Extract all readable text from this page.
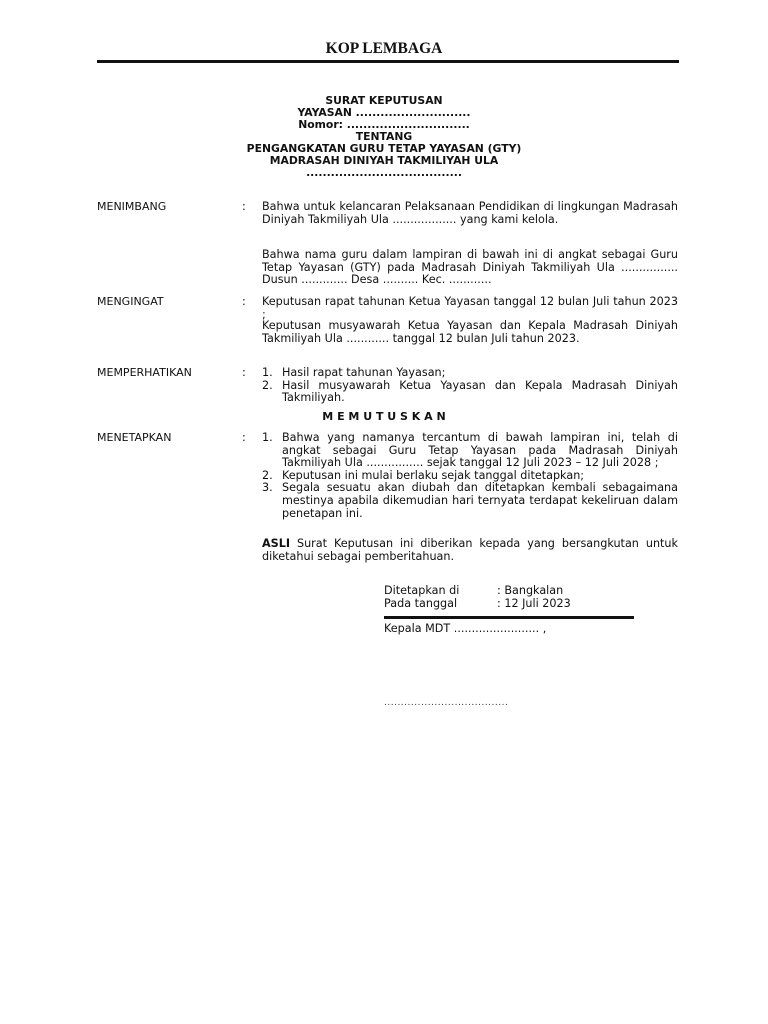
KOP LEMBAGA
SURAT KEPUTUSAN
YAYASAN ............................
Nomor: ..............................
TENTANG
PENGANGKATAN GURU TETAP YAYASAN (GTY)
MADRASAH DINIYAH TAKMILIYAH ULA
......................................
MENIMBANG	: Bahwa untuk kelancaran Pelaksanaan Pendidikan di lingkungan Madrasah Diniyah Takmiliyah Ula .................. yang kami kelola.
Bahwa nama guru dalam lampiran di bawah ini di angkat sebagai Guru Tetap Yayasan (GTY) pada Madrasah Diniyah Takmiliyah Ula ................ Dusun ............. Desa .......... Kec. ............
MENGINGAT	: Keputusan rapat tahunan Ketua Yayasan tanggal 12 bulan Juli tahun 2023 ;
Keputusan musyawarah Ketua Yayasan dan Kepala Madrasah Diniyah Takmiliyah Ula ............ tanggal 12 bulan Juli tahun 2023.
MEMPERHATIKAN	: 1. Hasil rapat tahunan Yayasan;
2. Hasil musyawarah Ketua Yayasan dan Kepala Madrasah Diniyah Takmiliyah.
M E M U T U S K A N
MENETAPKAN	: 1. Bahwa yang namanya tercantum di bawah lampiran ini, telah di angkat sebagai Guru Tetap Yayasan pada Madrasah Diniyah Takmiliyah Ula ................ sejak tanggal 12 Juli 2023 – 12 Juli 2028 ;
2. Keputusan ini mulai berlaku sejak tanggal ditetapkan;
3. Segala sesuatu akan diubah dan ditetapkan kembali sebagaimana mestinya apabila dikemudian hari ternyata terdapat kekeliruan dalam penetapan ini.
ASLI Surat Keputusan ini diberikan kepada yang bersangkutan untuk diketahui sebagai pemberitahuan.
Ditetapkan di	: Bangkalan
Pada tanggal	: 12 Juli 2023
Kepala MDT ........................ ,
.....................................
